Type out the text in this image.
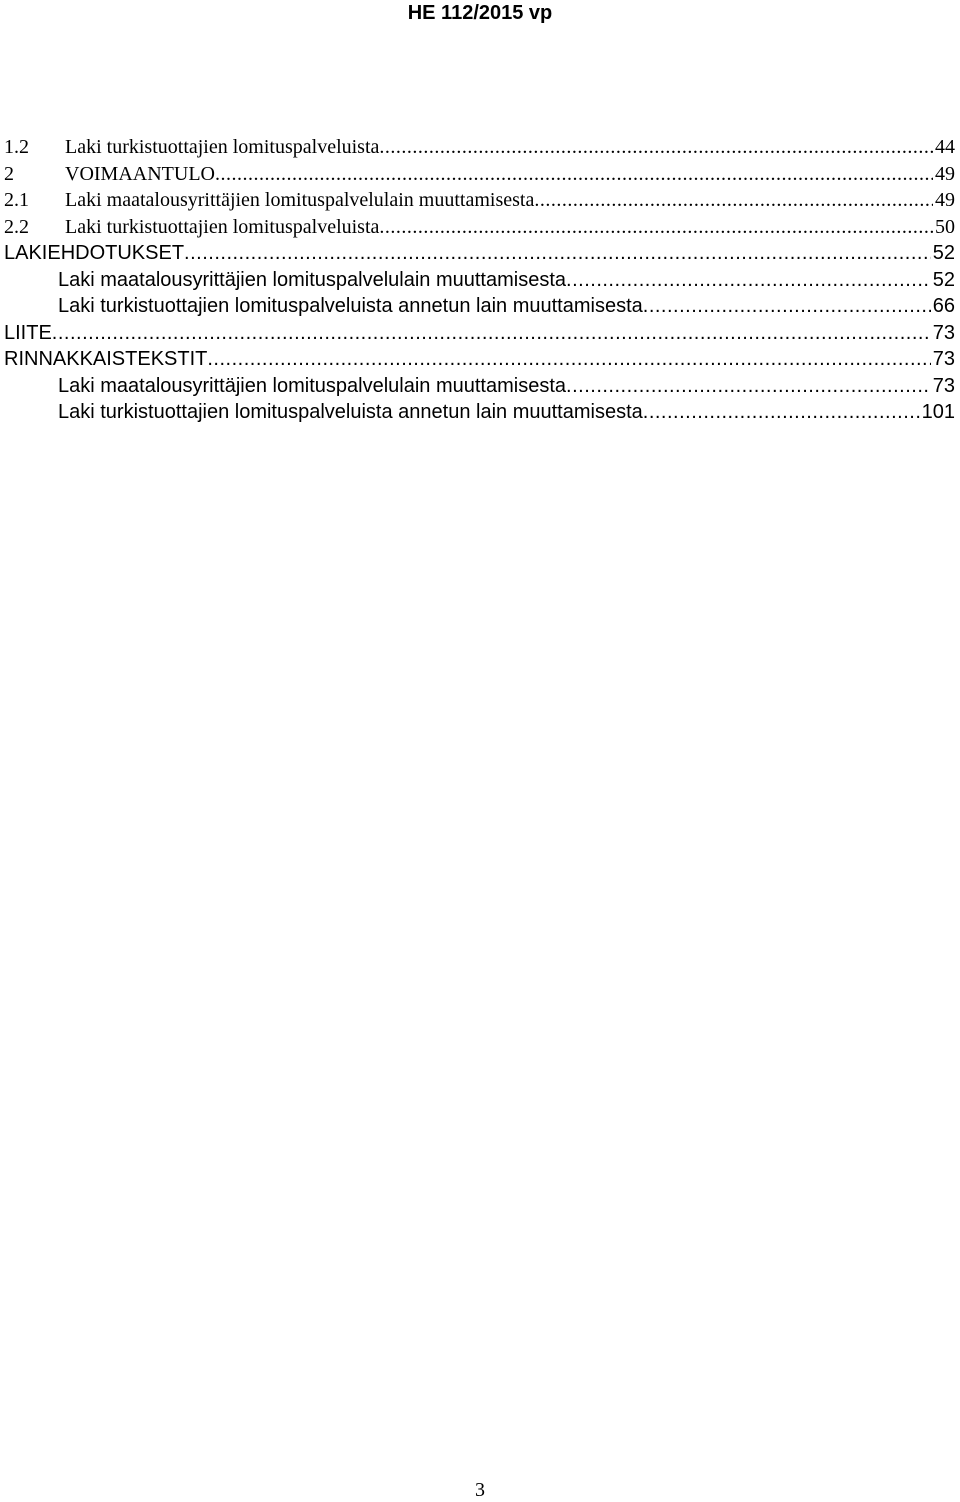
HE 112/2015 vp
1.2	Laki turkistuottajien lomituspalveluista .....	44
2	VOIMAANTULO .....	49
2.1	Laki maatalousyrittäjien lomituspalvelulain muuttamisesta .....	49
2.2	Laki turkistuottajien lomituspalveluista .....	50
LAKIEHDOTUKSET .....	52
Laki maatalousyrittäjien lomituspalvelulain muuttamisesta .....	52
Laki turkistuottajien lomituspalveluista annetun lain muuttamisesta .....	66
LIITE .....	73
RINNAKKAISTEKSTIT .....	73
Laki maatalousyrittäjien lomituspalvelulain muuttamisesta .....	73
Laki turkistuottajien lomituspalveluista annetun lain muuttamisesta .....	101
3
